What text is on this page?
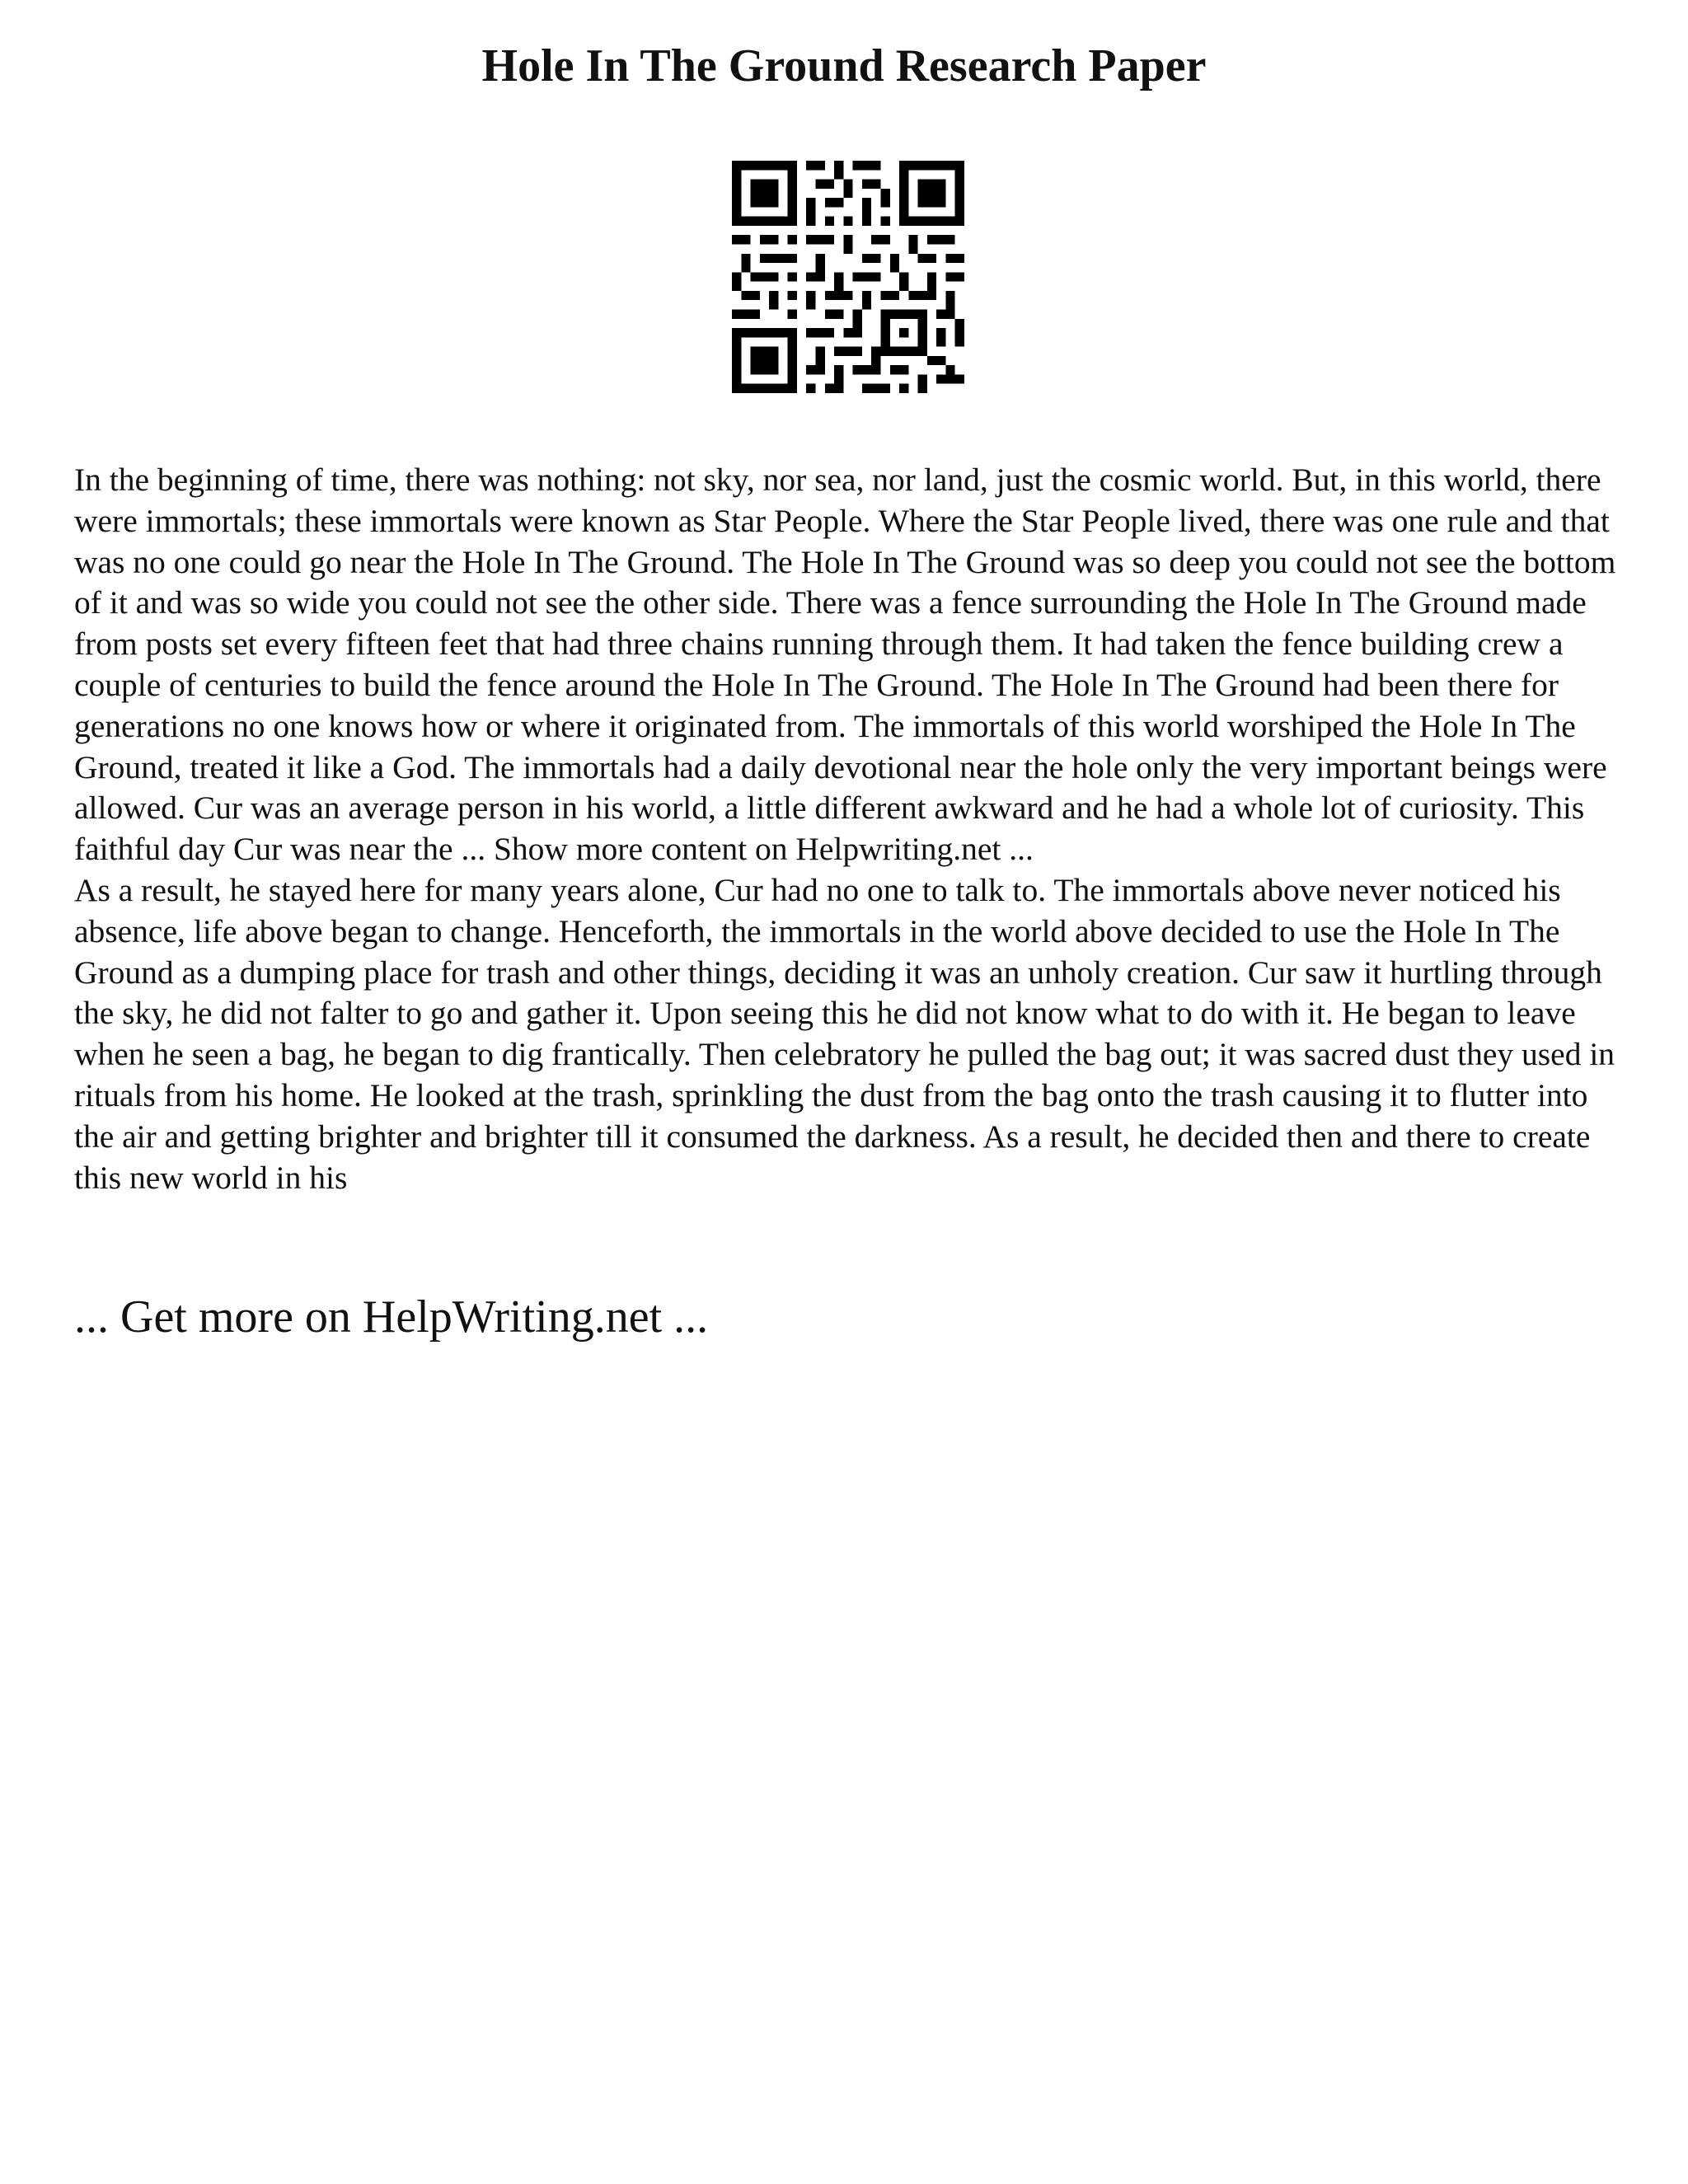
Hole In The Ground Research Paper

In the beginning of time, there was nothing: not sky, nor sea, nor land, just the cosmic world. But, in this world, there were immortals; these immortals were known as Star People. Where the Star People lived, there was one rule and that was no one could go near the Hole In The Ground. The Hole In The Ground was so deep you could not see the bottom of it and was so wide you could not see the other side. There was a fence surrounding the Hole In The Ground made from posts set every fifteen feet that had three chains running through them. It had taken the fence building crew a couple of centuries to build the fence around the Hole In The Ground. The Hole In The Ground had been there for generations no one knows how or where it originated from. The immortals of this world worshiped the Hole In The Ground, treated it like a God. The immortals had a daily devotional near the hole only the very important beings were allowed. Cur was an average person in his world, a little different awkward and he had a whole lot of curiosity. This faithful day Cur was near the ... Show more content on Helpwriting.net ...

As a result, he stayed here for many years alone, Cur had no one to talk to. The immortals above never noticed his absence, life above began to change. Henceforth, the immortals in the world above decided to use the Hole In The Ground as a dumping place for trash and other things, deciding it was an unholy creation. Cur saw it hurtling through the sky, he did not falter to go and gather it. Upon seeing this he did not know what to do with it. He began to leave when he seen a bag, he began to dig frantically. Then celebratory he pulled the bag out; it was sacred dust they used in rituals from his home. He looked at the trash, sprinkling the dust from the bag onto the trash causing it to flutter into the air and getting brighter and brighter till it consumed the darkness. As a result, he decided then and there to create this new world in his

... Get more on HelpWriting.net ...
